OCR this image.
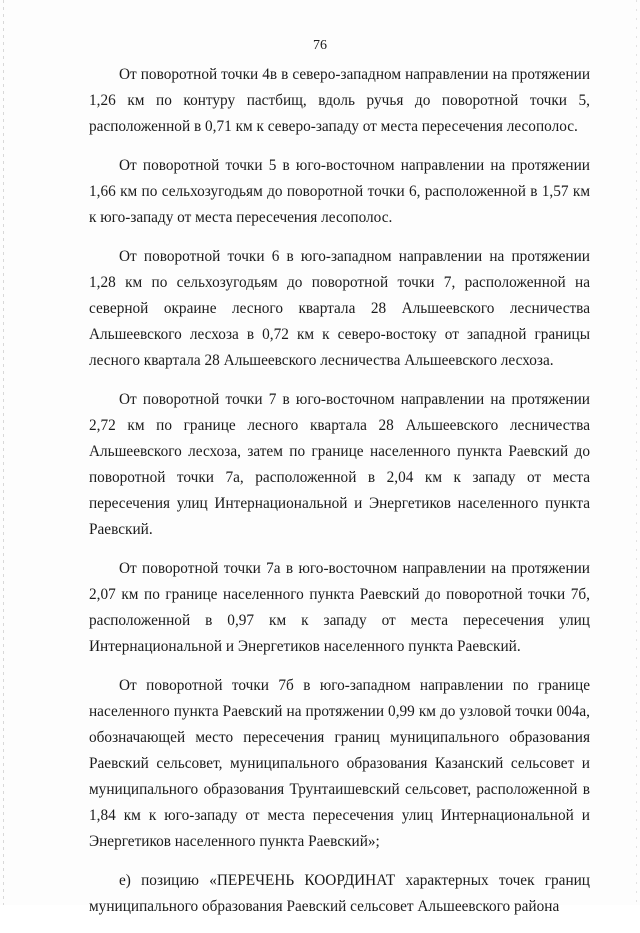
76

От поворотной точки 4в в северо-западном направлении на протяжении 1,26 км по контуру пастбищ, вдоль ручья до поворотной точки 5, расположенной в 0,71 км к северо-западу от места пересечения лесополос.

От поворотной точки 5 в юго-восточном направлении на протяжении 1,66 км по сельхозугодьям до поворотной точки 6, расположенной в 1,57 км к юго-западу от места пересечения лесополос.

От поворотной точки 6 в юго-западном направлении на протяжении 1,28 км по сельхозугодьям до поворотной точки 7, расположенной на северной окраине лесного квартала 28 Альшеевского лесничества Альшеевского лесхоза в 0,72 км к северо-востоку от западной границы лесного квартала 28 Альшеевского лесничества Альшеевского лесхоза.

От поворотной точки 7 в юго-восточном направлении на протяжении 2,72 км по границе лесного квартала 28 Альшеевского лесничества Альшеевского лесхоза, затем по границе населенного пункта Раевский до поворотной точки 7а, расположенной в 2,04 км к западу от места пересечения улиц Интернациональной и Энергетиков населенного пункта Раевский.

От поворотной точки 7а в юго-восточном направлении на протяжении 2,07 км по границе населенного пункта Раевский до поворотной точки 7б, расположенной в 0,97 км к западу от места пересечения улиц Интернациональной и Энергетиков населенного пункта Раевский.

От поворотной точки 7б в юго-западном направлении по границе населенного пункта Раевский на протяжении 0,99 км до узловой точки 004а, обозначающей место пересечения границ муниципального образования Раевский сельсовет, муниципального образования Казанский сельсовет и муниципального образования Трунтаишевский сельсовет, расположенной в 1,84 км к юго-западу от места пересечения улиц Интернациональной и Энергетиков населенного пункта Раевский»;

е) позицию «ПЕРЕЧЕНЬ КООРДИНАТ характерных точек границ муниципального образования Раевский сельсовет Альшеевского района
